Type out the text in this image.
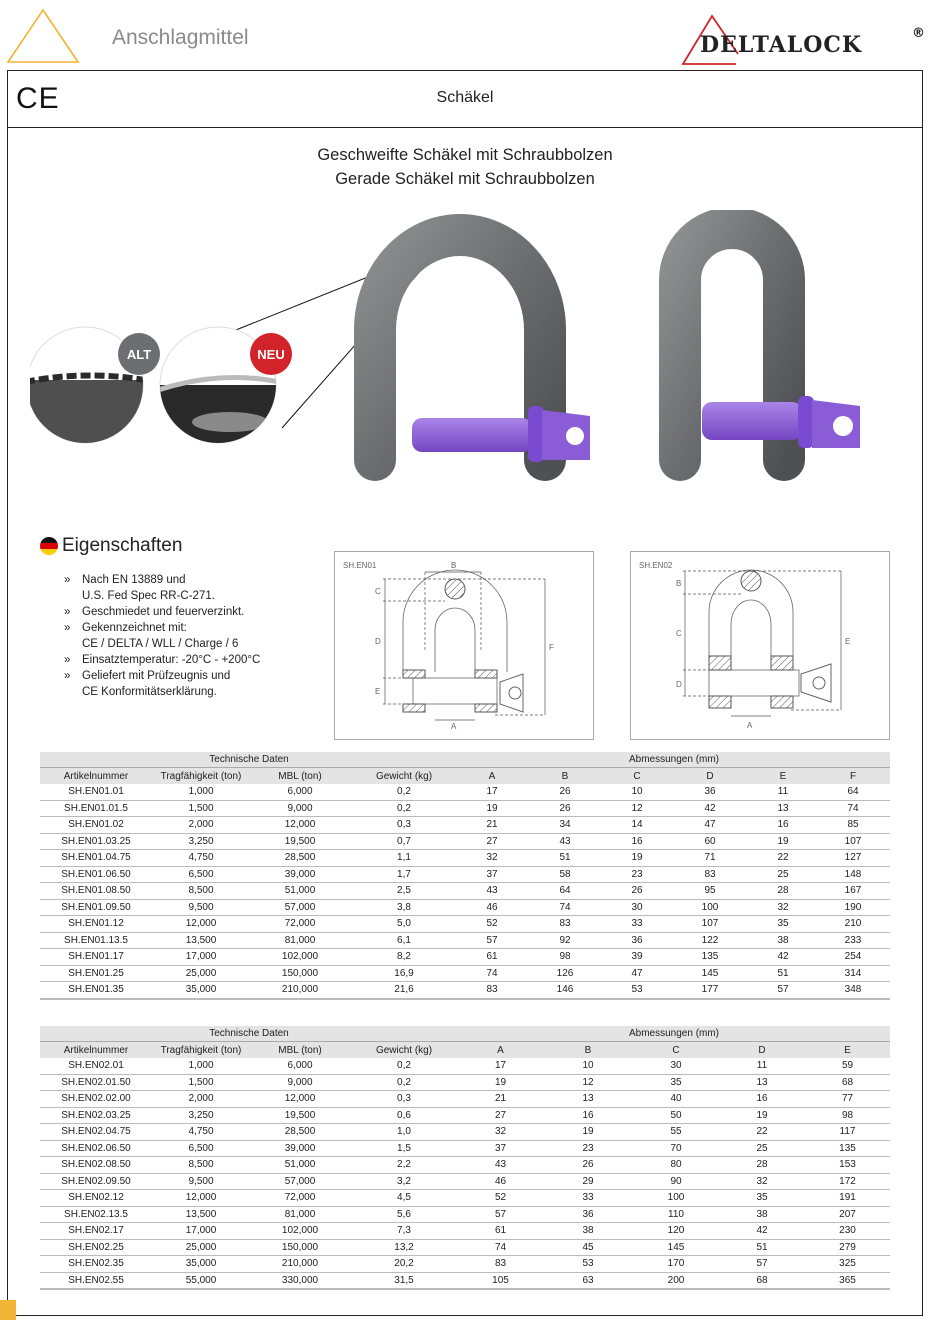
Anschlagmittel	DELTALOCK	®
CE	Schäkel
Geschweifte Schäkel mit Schraubbolzen
Gerade Schäkel mit Schraubbolzen
ALT	NEU
Eigenschaften
» Nach EN 13889 und
U.S. Fed Spec RR-C-271.
» Geschmiedet und feuerverzinkt.
» Gekennzeichnet mit:
CE / DELTA / WLL / Charge / 6
» Einsatztemperatur: -20°C - +200°C
» Geliefert mit Prüfzeugnis und
CE Konformitätserklärung.
SH.EN01	B
C
D
E
F
A
SH.EN02
B
C
D
E
A
Technische Daten				Abmessungen (mm)					
Artikelnummer	Tragfähigkeit (ton)	MBL (ton)	Gewicht (kg)	A	B	C	D	E	F
SH.EN01.01	1,000	6,000	0,2	17	26	10	36	11	64
SH.EN01.01.5	1,500	9,000	0,2	19	26	12	42	13	74
SH.EN01.02	2,000	12,000	0,3	21	34	14	47	16	85
SH.EN01.03.25	3,250	19,500	0,7	27	43	16	60	19	107
SH.EN01.04.75	4,750	28,500	1,1	32	51	19	71	22	127
SH.EN01.06.50	6,500	39,000	1,7	37	58	23	83	25	148
SH.EN01.08.50	8,500	51,000	2,5	43	64	26	95	28	167
SH.EN01.09.50	9,500	57,000	3,8	46	74	30	100	32	190
SH.EN01.12	12,000	72,000	5,0	52	83	33	107	35	210
SH.EN01.13.5	13,500	81,000	6,1	57	92	36	122	38	233
SH.EN01.17	17,000	102,000	8,2	61	98	39	135	42	254
SH.EN01.25	25,000	150,000	16,9	74	126	47	145	51	314
SH.EN01.35	35,000	210,000	21,6	83	146	53	177	57	348
Technische Daten				Abmessungen (mm)				
Artikelnummer	Tragfähigkeit (ton)	MBL (ton)	Gewicht (kg)	A	B	C	D	E
SH.EN02.01	1,000	6,000	0,2	17	10	30	11	59
SH.EN02.01.50	1,500	9,000	0,2	19	12	35	13	68
SH.EN02.02.00	2,000	12,000	0,3	21	13	40	16	77
SH.EN02.03.25	3,250	19,500	0,6	27	16	50	19	98
SH.EN02.04.75	4,750	28,500	1,0	32	19	55	22	117
SH.EN02.06.50	6,500	39,000	1,5	37	23	70	25	135
SH.EN02.08.50	8,500	51,000	2,2	43	26	80	28	153
SH.EN02.09.50	9,500	57,000	3,2	46	29	90	32	172
SH.EN02.12	12,000	72,000	4,5	52	33	100	35	191
SH.EN02.13.5	13,500	81,000	5,6	57	36	110	38	207
SH.EN02.17	17,000	102,000	7,3	61	38	120	42	230
SH.EN02.25	25,000	150,000	13,2	74	45	145	51	279
SH.EN02.35	35,000	210,000	20,2	83	53	170	57	325
SH.EN02.55	55,000	330,000	31,5	105	63	200	68	365
